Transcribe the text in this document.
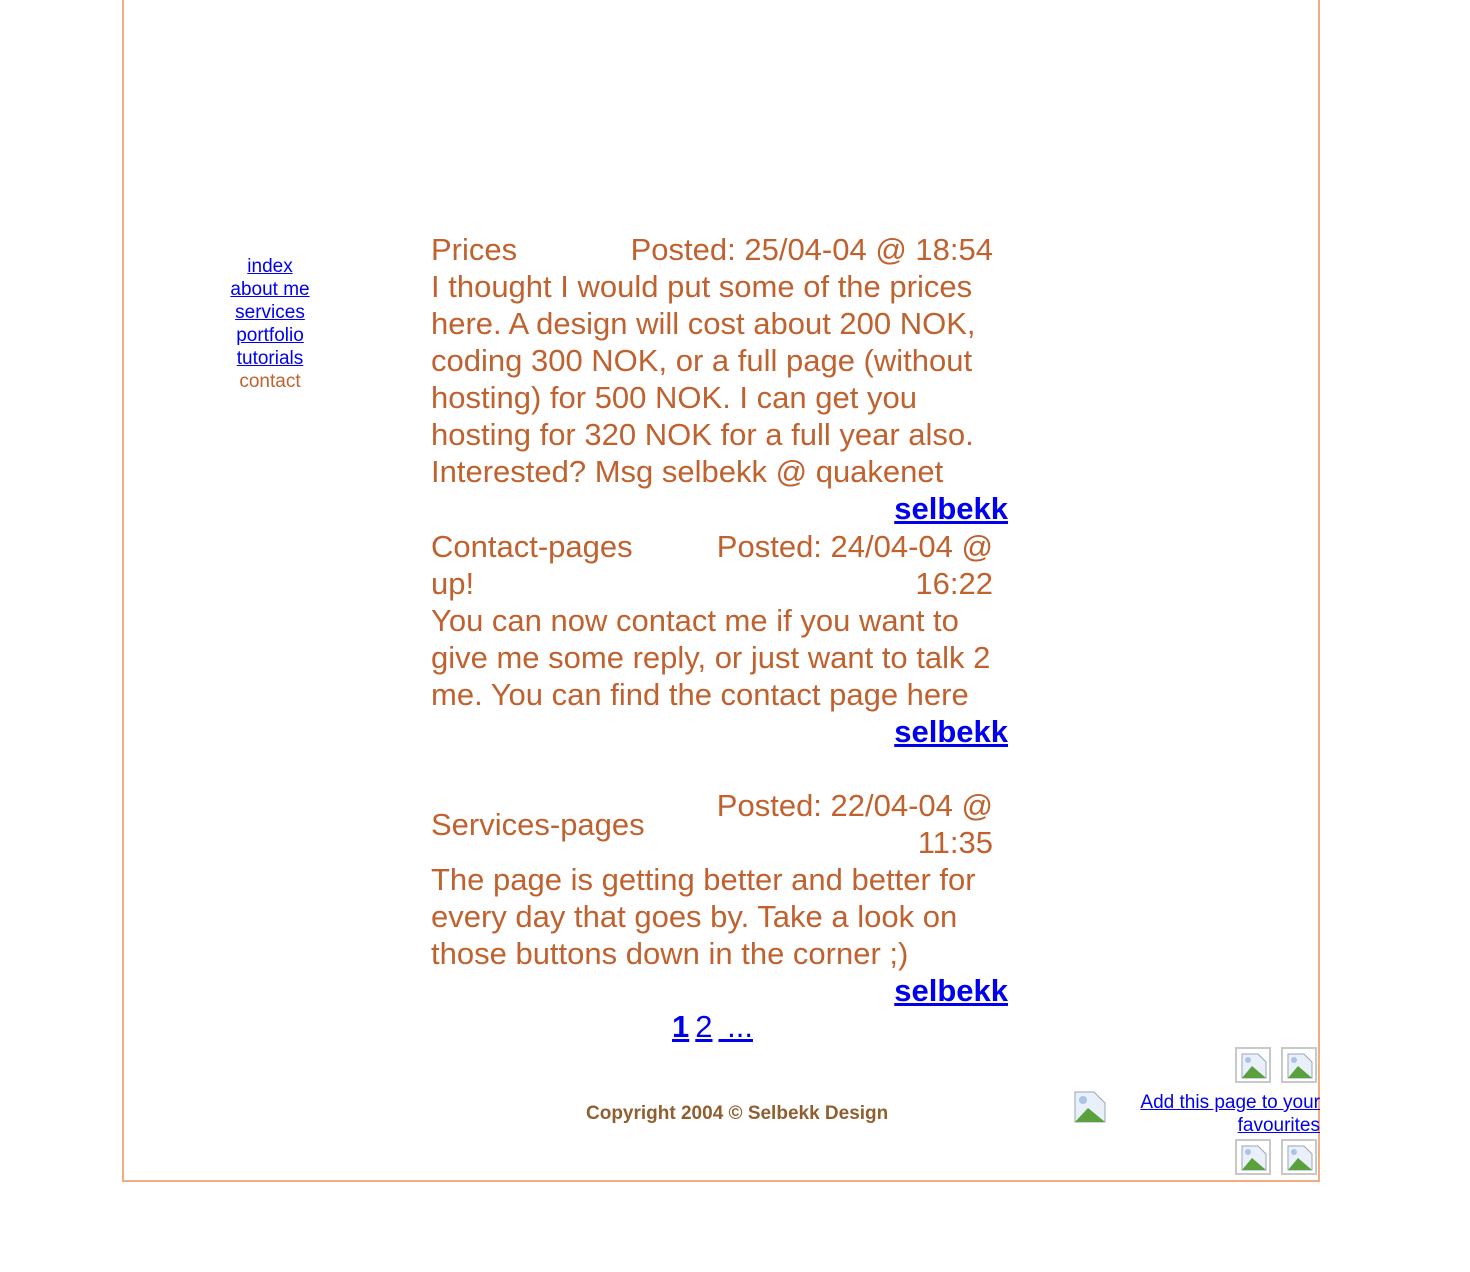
index
about me
services
portfolio
tutorials
contact
Prices	Posted: 25/04-04 @ 18:54
I thought I would put some of the prices here. A design will cost about 200 NOK, coding 300 NOK, or a full page (without hosting) for 500 NOK. I can get you hosting for 320 NOK for a full year also. Interested? Msg selbekk @ quakenet
selbekk
Contact-pages up!
Posted: 24/04-04 @ 16:22
You can now contact me if you want to give me some reply, or just want to talk 2 me. You can find the contact page here
selbekk
Services-pages
Posted: 22/04-04 @ 11:35
The page is getting better and better for every day that goes by. Take a look on those buttons down in the corner ;)
selbekk
1 2 ...
Copyright 2004 © Selbekk Design
Add this page to your favourites
